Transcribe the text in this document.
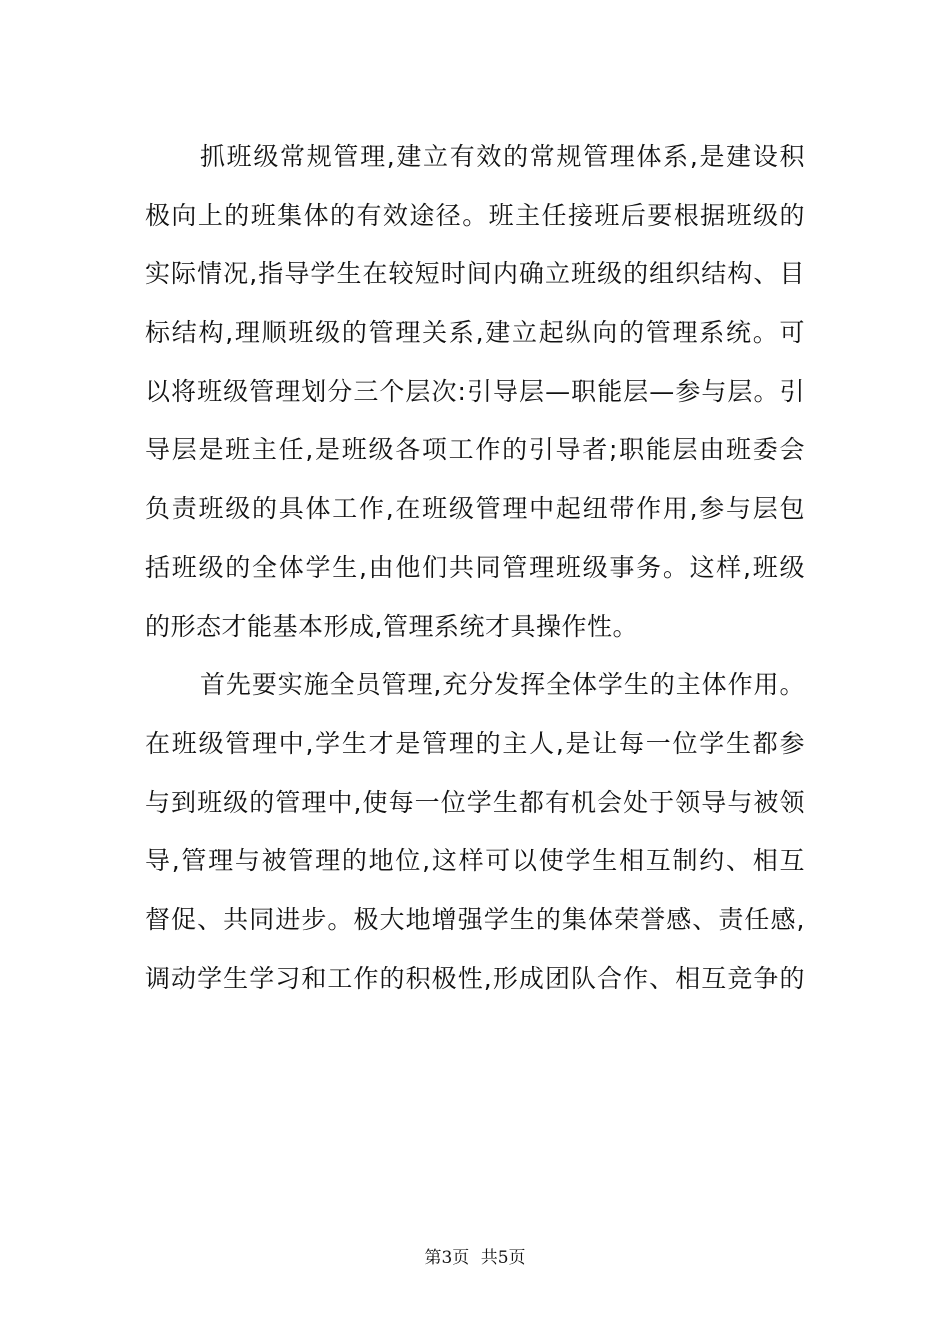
抓班级常规管理,建立有效的常规管理体系,是建设积
极向上的班集体的有效途径。班主任接班后要根据班级的
实际情况,指导学生在较短时间内确立班级的组织结构、目
标结构,理顺班级的管理关系,建立起纵向的管理系统。可
以将班级管理划分三个层次:引导层—职能层—参与层。引
导层是班主任,是班级各项工作的引导者;职能层由班委会
负责班级的具体工作,在班级管理中起纽带作用,参与层包
括班级的全体学生,由他们共同管理班级事务。这样,班级
的形态才能基本形成,管理系统才具操作性。
首先要实施全员管理,充分发挥全体学生的主体作用。
在班级管理中,学生才是管理的主人,是让每一位学生都参
与到班级的管理中,使每一位学生都有机会处于领导与被领
导,管理与被管理的地位,这样可以使学生相互制约、相互
督促、共同进步。极大地增强学生的集体荣誉感、责任感,
调动学生学习和工作的积极性,形成团队合作、相互竞争的
第3页 共5页
